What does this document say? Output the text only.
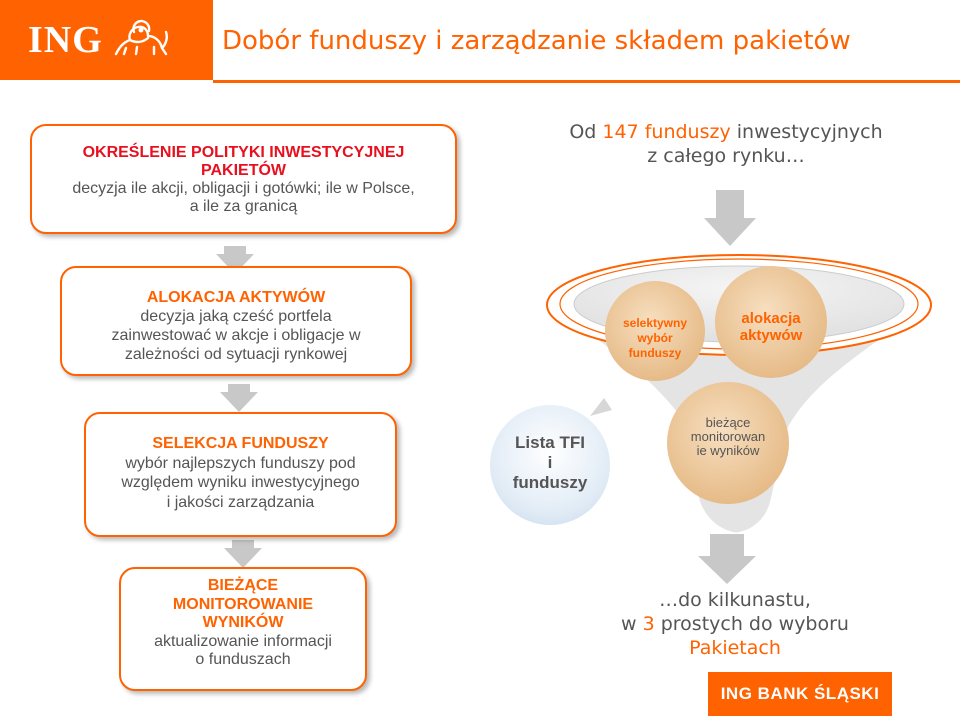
ING	Dobór funduszy i zarządzanie składem pakietów
selektywny
wybór
funduszy
alokacja
aktywów
Lista TFI
i
funduszy
bieżące
monitorowan
ie wyników
OKREŚLENIE POLITYKI INWESTYCYJNEJ
PAKIETÓW
decyzja ile akcji, obligacji i gotówki; ile w Polsce,
a ile za granicą
ALOKACJA AKTYWÓW
decyzja jaką cześć portfela
zainwestować w akcje i obligacje w
zależności od sytuacji rynkowej
SELEKCJA FUNDUSZY
wybór najlepszych funduszy pod
względem wyniku inwestycyjnego
i jakości zarządzania
BIEŻĄCE
MONITOROWANIE
WYNIKÓW
aktualizowanie informacji
o funduszach
Od 147 funduszy inwestycyjnych
z całego rynku…
…do kilkunastu,
w 3 prostych do wyboru
Pakietach
ING BANK ŚLĄSKI
